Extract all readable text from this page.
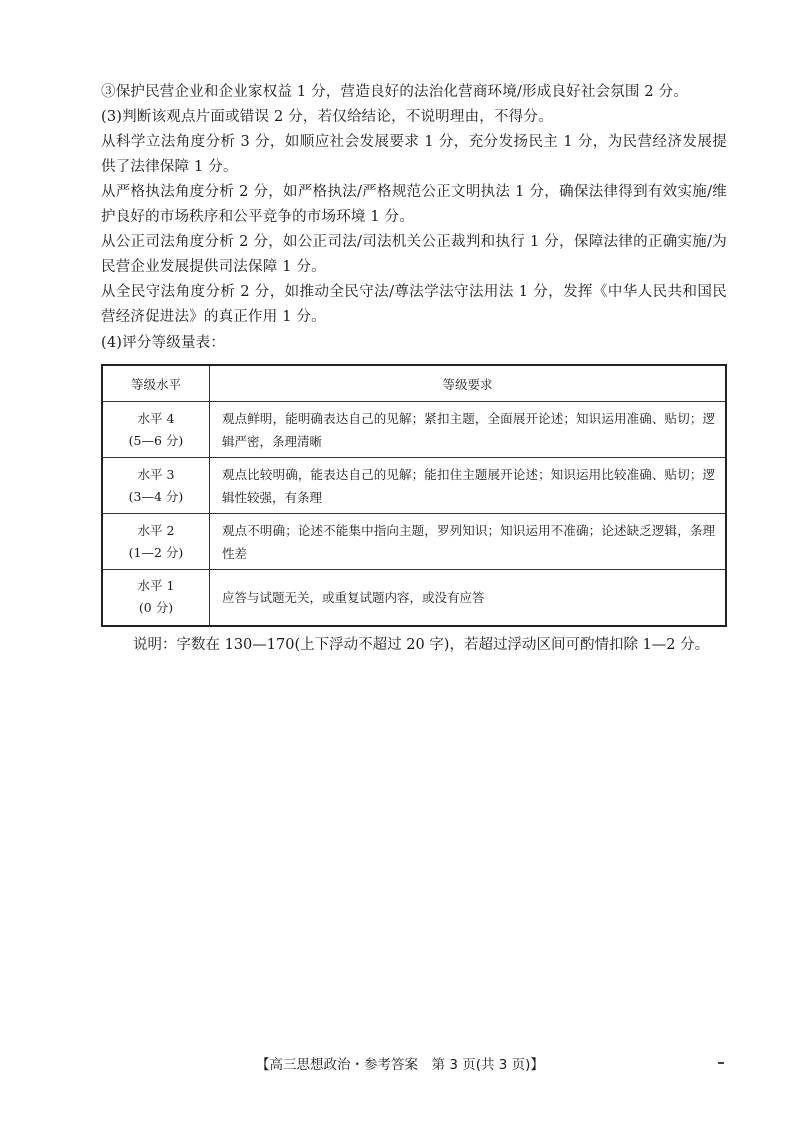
③保护民营企业和企业家权益 1 分，营造良好的法治化营商环境/形成良好社会氛围 2 分。

(3)判断该观点片面或错误 2 分，若仅给结论，不说明理由，不得分。

从科学立法角度分析 3 分，如顺应社会发展要求 1 分，充分发扬民主 1 分，为民营经济发展提供了法律保障 1 分。

从严格执法角度分析 2 分，如严格执法/严格规范公正文明执法 1 分，确保法律得到有效实施/维护良好的市场秩序和公平竞争的市场环境 1 分。

从公正司法角度分析 2 分，如公正司法/司法机关公正裁判和执行 1 分，保障法律的正确实施/为民营企业发展提供司法保障 1 分。

从全民守法角度分析 2 分，如推动全民守法/尊法学法守法用法 1 分，发挥《中华人民共和国民营经济促进法》的真正作用 1 分。

(4)评分等级量表：

等级水平	等级要求

水平 4
(5—6 分)	观点鲜明，能明确表达自己的见解；紧扣主题，全面展开论述；知识运用准确、贴切；逻辑严密，条理清晰

水平 3
(3—4 分)	观点比较明确，能表达自己的见解；能扣住主题展开论述；知识运用比较准确、贴切；逻辑性较强，有条理

水平 2
(1—2 分)	观点不明确；论述不能集中指向主题，罗列知识；知识运用不准确；论述缺乏逻辑，条理性差

水平 1
(0 分)	应答与试题无关，或重复试题内容，或没有应答
说明：字数在 130—170(上下浮动不超过 20 字)，若超过浮动区间可酌情扣除 1—2 分。
【高三思想政治・参考答案　第 3 页(共 3 页)】
